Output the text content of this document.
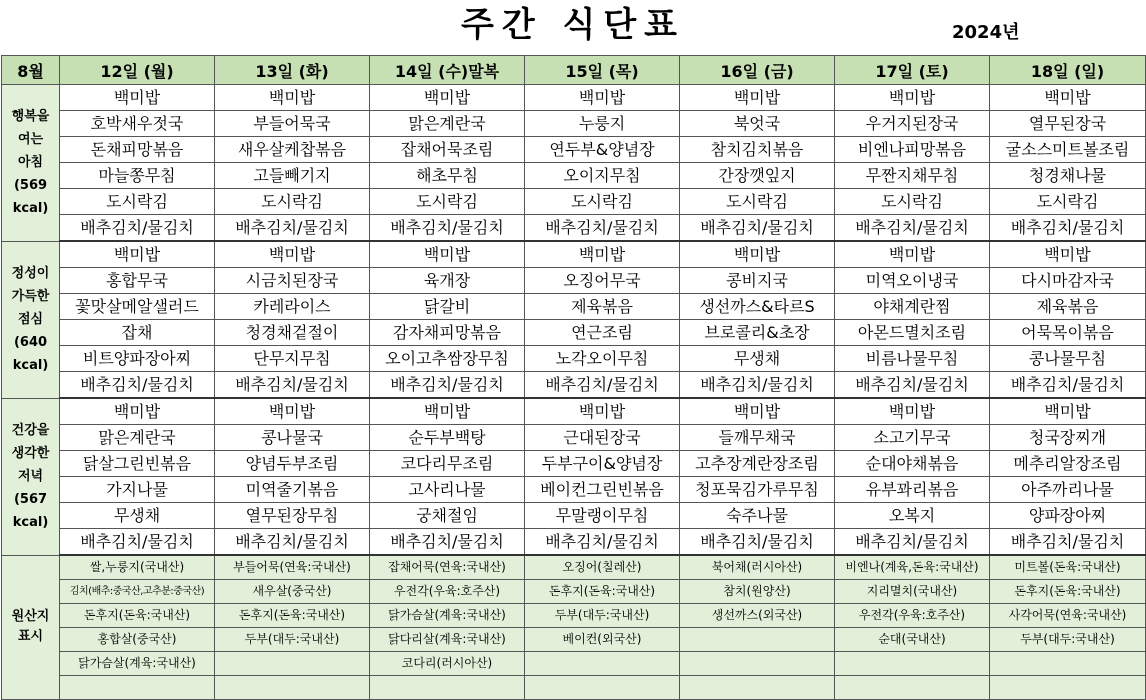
주간 식단표	2024년
8월	12일 (월)	13일 (화)	14일 (수)말복	15일 (목)	16일 (금)	17일 (토)	18일 (일)

행복을
여는
아침
(569
kcal)	백미밥	백미밥	백미밥	백미밥	백미밥	백미밥	백미밥
	호박새우젓국	부들어묵국	맑은계란국	누룽지	북엇국	우거지된장국	열무된장국
	돈채피망볶음	새우살케찹볶음	잡채어묵조림	연두부&양념장	참치김치볶음	비엔나피망볶음	굴소스미트볼조림
	마늘쫑무침	고들빼기지	해초무침	오이지무침	간장깻잎지	무짠지채무침	청경채나물
	도시락김	도시락김	도시락김	도시락김	도시락김	도시락김	도시락김
	배추김치/물김치	배추김치/물김치	배추김치/물김치	배추김치/물김치	배추김치/물김치	배추김치/물김치	배추김치/물김치

정성이
가득한
점심
(640
kcal)	백미밥	백미밥	백미밥	백미밥	백미밥	백미밥	백미밥
	홍합무국	시금치된장국	육개장	오징어무국	콩비지국	미역오이냉국	다시마감자국
	꽃맛살메알샐러드	카레라이스	닭갈비	제육볶음	생선까스&타르S	야채계란찜	제육볶음
	잡채	청경채겉절이	감자채피망볶음	연근조림	브로콜리&초장	아몬드멸치조림	어묵목이볶음
	비트양파장아찌	단무지무침	오이고추쌈장무침	노각오이무침	무생채	비름나물무침	콩나물무침
	배추김치/물김치	배추김치/물김치	배추김치/물김치	배추김치/물김치	배추김치/물김치	배추김치/물김치	배추김치/물김치

건강을
생각한
저녁
(567
kcal)	백미밥	백미밥	백미밥	백미밥	백미밥	백미밥	백미밥
	맑은계란국	콩나물국	순두부백탕	근대된장국	들깨무채국	소고기무국	청국장찌개
	닭살그린빈볶음	양념두부조림	코다리무조림	두부구이&양념장	고추장계란장조림	순대야채볶음	메추리알장조림
	가지나물	미역줄기볶음	고사리나물	베이컨그린빈볶음	청포묵김가루무침	유부꽈리볶음	아주까리나물
	무생채	열무된장무침	궁채절임	무말랭이무침	숙주나물	오복지	양파장아찌
	배추김치/물김치	배추김치/물김치	배추김치/물김치	배추김치/물김치	배추김치/물김치	배추김치/물김치	배추김치/물김치

원산지
표시	쌀,누룽지(국내산)	부들어묵(연육:국내산)	잡채어묵(연육:국내산)	오징어(칠레산)	북어채(러시아산)	비엔나(계육,돈육:국내산)	미트볼(돈육:국내산)
	김치(배추:중국산,고추분:중국산)	새우살(중국산)	우전각(우육:호주산)	돈후지(돈육:국내산)	참치(원양산)	지리멸치(국내산)	돈후지(돈육:국내산)
	돈후지(돈육:국내산)	돈후지(돈육:국내산)	닭가슴살(계육:국내산)	두부(대두:국내산)	생선까스(외국산)	우전각(우육:호주산)	사각어묵(연육:국내산)
	홍합살(중국산)	두부(대두:국내산)	닭다리살(계육:국내산)	베이컨(외국산)		순대(국내산)	두부(대두:국내산)
	닭가슴살(계육:국내산)		코다리(러시아산)				
